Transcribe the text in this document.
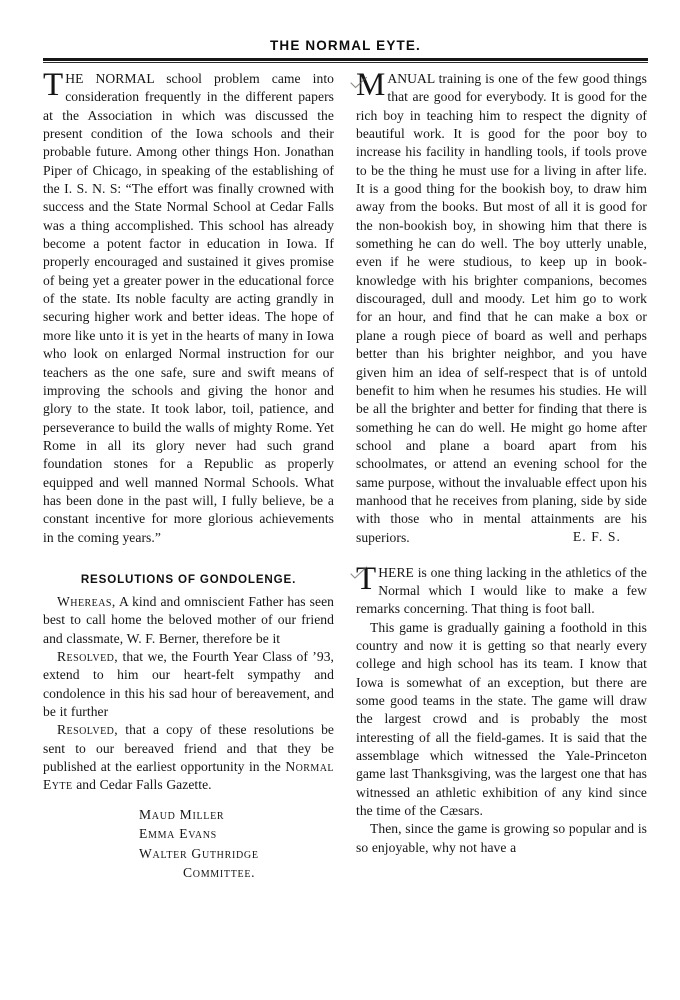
THE NORMAL EYTE.

THE NORMAL school problem came into consideration frequently in the different papers at the Association in which was discussed the present condition of the Iowa schools and their probable future. Among other things Hon. Jonathan Piper of Chicago, in speaking of the establishing of the I. S. N. S: “The effort was finally crowned with success and the State Normal School at Cedar Falls was a thing accomplished. This school has already become a potent factor in education in Iowa. If properly encouraged and sustained it gives promise of being yet a greater power in the educational force of the state. Its noble faculty are acting grandly in securing higher work and better ideas. The hope of more like unto it is yet in the hearts of many in Iowa who look on enlarged Normal instruction for our teachers as the one safe, sure and swift means of improving the schools and giving the honor and glory to the state. It took labor, toil, patience, and perseverance to build the walls of mighty Rome. Yet Rome in all its glory never had such grand foundation stones for a Republic as properly equipped and well manned Normal Schools. What has been done in the past will, I fully believe, be a constant incentive for more glorious achievements in the coming years.”

RESOLUTIONS OF GONDOLENGE.

Whereas, A kind and omniscient Father has seen best to call home the beloved mother of our friend and classmate, W. F. Berner, therefore be it

Resolved, that we, the Fourth Year Class of ’93, extend to him our heart-felt sympathy and condolence in this his sad hour of bereavement, and be it further

Resolved, that a copy of these resolutions be sent to our bereaved friend and that they be published at the earliest opportunity in the Normal Eyte and Cedar Falls Gazette.

Maud Miller
Emma Evans
Walter Guthridge
Committee.

MANUAL training is one of the few good things that are good for everybody. It is good for the rich boy in teaching him to respect the dignity of beautiful work. It is good for the poor boy to increase his facility in handling tools, if tools prove to be the thing he must use for a living in after life. It is a good thing for the bookish boy, to draw him away from the books. But most of all it is good for the non-bookish boy, in showing him that there is something he can do well. The boy utterly unable, even if he were studious, to keep up in book-knowledge with his brighter companions, becomes discouraged, dull and moody. Let him go to work for an hour, and find that he can make a box or plane a rough piece of board as well and perhaps better than his brighter neighbor, and you have given him an idea of self-respect that is of untold benefit to him when he resumes his studies. He will be all the brighter and better for finding that there is something he can do well. He might go home after school and plane a board apart from his schoolmates, or attend an evening school for the same purpose, without the invaluable effect upon his manhood that he receives from planing, side by side with those who in mental attainments are his superiors.	E. F. S.

THERE is one thing lacking in the athletics of the Normal which I would like to make a few remarks concerning. That thing is foot ball.

This game is gradually gaining a foothold in this country and now it is getting so that nearly every college and high school has its team. I know that Iowa is somewhat of an exception, but there are some good teams in the state. The game will draw the largest crowd and is probably the most interesting of all the field-games. It is said that the assemblage which witnessed the Yale-Princeton game last Thanksgiving, was the largest one that has witnessed an athletic exhibition of any kind since the time of the Cæsars.

Then, since the game is growing so popular and is so enjoyable, why not have a
